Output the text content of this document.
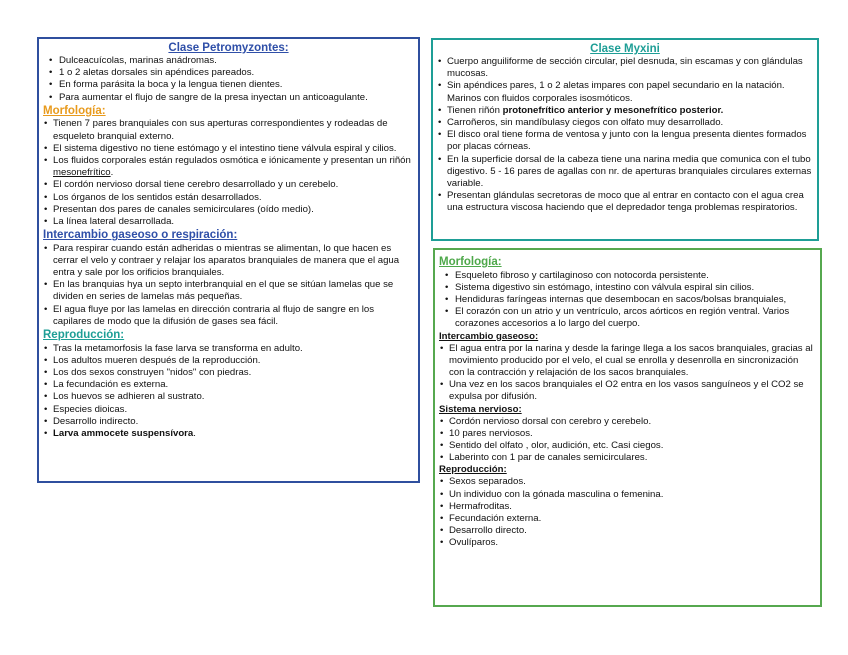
Clase Petromyzontes:
• Dulceacuícolas, marinas anádromas.
• 1 o 2 aletas dorsales sin apéndices pareados.
• En forma parásita la boca y la lengua tienen dientes.
• Para aumentar el flujo de sangre de la presa inyectan un anticoagulante.
Morfología:
• Tienen 7 pares branquiales con sus aperturas correspondientes y rodeadas de esqueleto branquial externo.
• El sistema digestivo no tiene estómago y el intestino tiene válvula espiral y cilios.
• Los fluidos corporales están regulados osmótica e iónicamente y presentan un riñón mesonefrítico.
• El cordón nervioso dorsal tiene cerebro desarrollado y un cerebelo.
• Los órganos de los sentidos están desarrollados.
• Presentan dos pares de canales semicirculares (oído medio).
• La línea lateral desarrollada.
Intercambio gaseoso o respiración:
• Para respirar cuando están adheridas o mientras se alimentan, lo que hacen es cerrar el velo y contraer y relajar los aparatos branquiales de manera que el agua entra y sale por los orificios branquiales.
• En las branquias hya un septo interbranquial en el que se sitúan lamelas que se dividen en series de lamelas más pequeñas.
• El agua fluye por las lamelas en dirección contraria al flujo de sangre en los capilares de modo que la difusión de gases sea fácil.
Reproducción:
• Tras la metamorfosis la fase larva se transforma en adulto.
• Los adultos mueren después de la reproducción.
• Los dos sexos construyen "nidos" con piedras.
• La fecundación es externa.
• Los huevos se adhieren al sustrato.
• Especies dioicas.
• Desarrollo indirecto.
• Larva ammocete suspensívora.
Clase Myxini
• Cuerpo anguiliforme de sección circular, piel desnuda, sin escamas y con glándulas mucosas.
• Sin apéndices pares, 1 o 2 aletas impares con papel secundario en la natación. Marinos con fluidos corporales isosmóticos.
• Tienen riñón protonefrítico anterior y mesonefrítico posterior.
• Carroñeros, sin mandíbulasy ciegos con olfato muy desarrollado.
• El disco oral tiene forma de ventosa y junto con la lengua presenta dientes formados por placas córneas.
• En la superficie dorsal de la cabeza tiene una narina media que comunica con el tubo digestivo. 5 - 16 pares de agallas con nr. de aperturas branquiales circulares externas variable.
• Presentan glándulas secretoras de moco que al entrar en contacto con el agua crea una estructura viscosa haciendo que el depredador tenga problemas respiratorios.
Morfología:
• Esqueleto fibroso y cartilaginoso con notocorda persistente.
• Sistema digestivo sin estómago, intestino con válvula espiral sin cilios.
• Hendiduras faríngeas internas que desembocan en sacos/bolsas branquiales,
• El corazón con un atrio y un ventrículo, arcos aórticos en región ventral. Varios corazones accesorios a lo largo del cuerpo.
Intercambio gaseoso:
• El agua entra por la narina y desde la faringe llega a los sacos branquiales, gracias al movimiento producido por el velo, el cual se enrolla y desenrolla en sincronización con la contracción y relajación de los sacos branquiales.
• Una vez en los sacos branquiales el O2 entra en los vasos sanguíneos y el CO2 se expulsa por difusión.
Sistema nervioso:
• Cordón nervioso dorsal con cerebro y cerebelo.
• 10 pares nerviosos.
• Sentido del olfato , olor, audición, etc. Casi ciegos.
• Laberinto con 1 par de canales semicirculares.
Reproducción:
• Sexos separados.
• Un individuo con la gónada masculina o femenina.
• Hermafroditas.
• Fecundación externa.
• Desarrollo directo.
• Ovulíparos.
